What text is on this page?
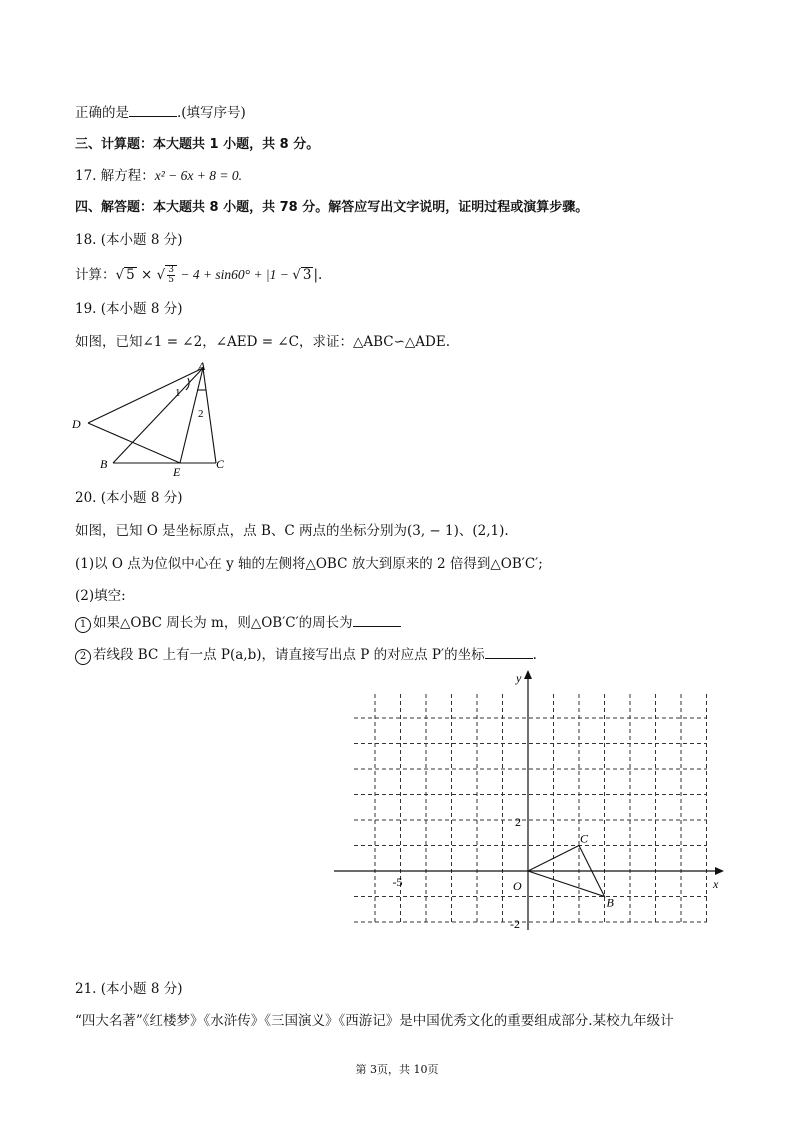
正确的是	.(填写序号)
三、计算题：本大题共 1 小题，共 8 分。
17. 解方程：x² − 6x + 8 = 0.
四、解答题：本大题共 8 小题，共 78 分。解答应写出文字说明，证明过程或演算步骤。
18. (本小题 8 分)
计算：√ 5 × √ $\frac{3}{5} - 4 + \sin 60^\circ + |1$ − √ 3 |.
19. (本小题 8 分)
如图，已知∠1 = ∠2，∠AED = ∠C，求证：△ABC∽△ADE.
A
D
B
E
C
1
2
20. (本小题 8 分)
如图，已知 O 是坐标原点，点 B、C 两点的坐标分别为(3, − 1)、(2,1).
(1)以 O 点为位似中心在 y 轴的左侧将△OBC 放大到原来的 2 倍得到△OB′C′;
(2)填空:
1 如果△OBC 周长为 m，则△OB′C′的周长为
2 若线段 BC 上有一点 P(a,b)，请直接写出点 P 的对应点 P′的坐标	.
x
y
O
-5
2
-2
B
C
21. (本小题 8 分)
“四大名著”《红楼梦》《水浒传》《三国演义》《西游记》是中国优秀文化的重要组成部分.某校九年级计
第 3页，共 10页
